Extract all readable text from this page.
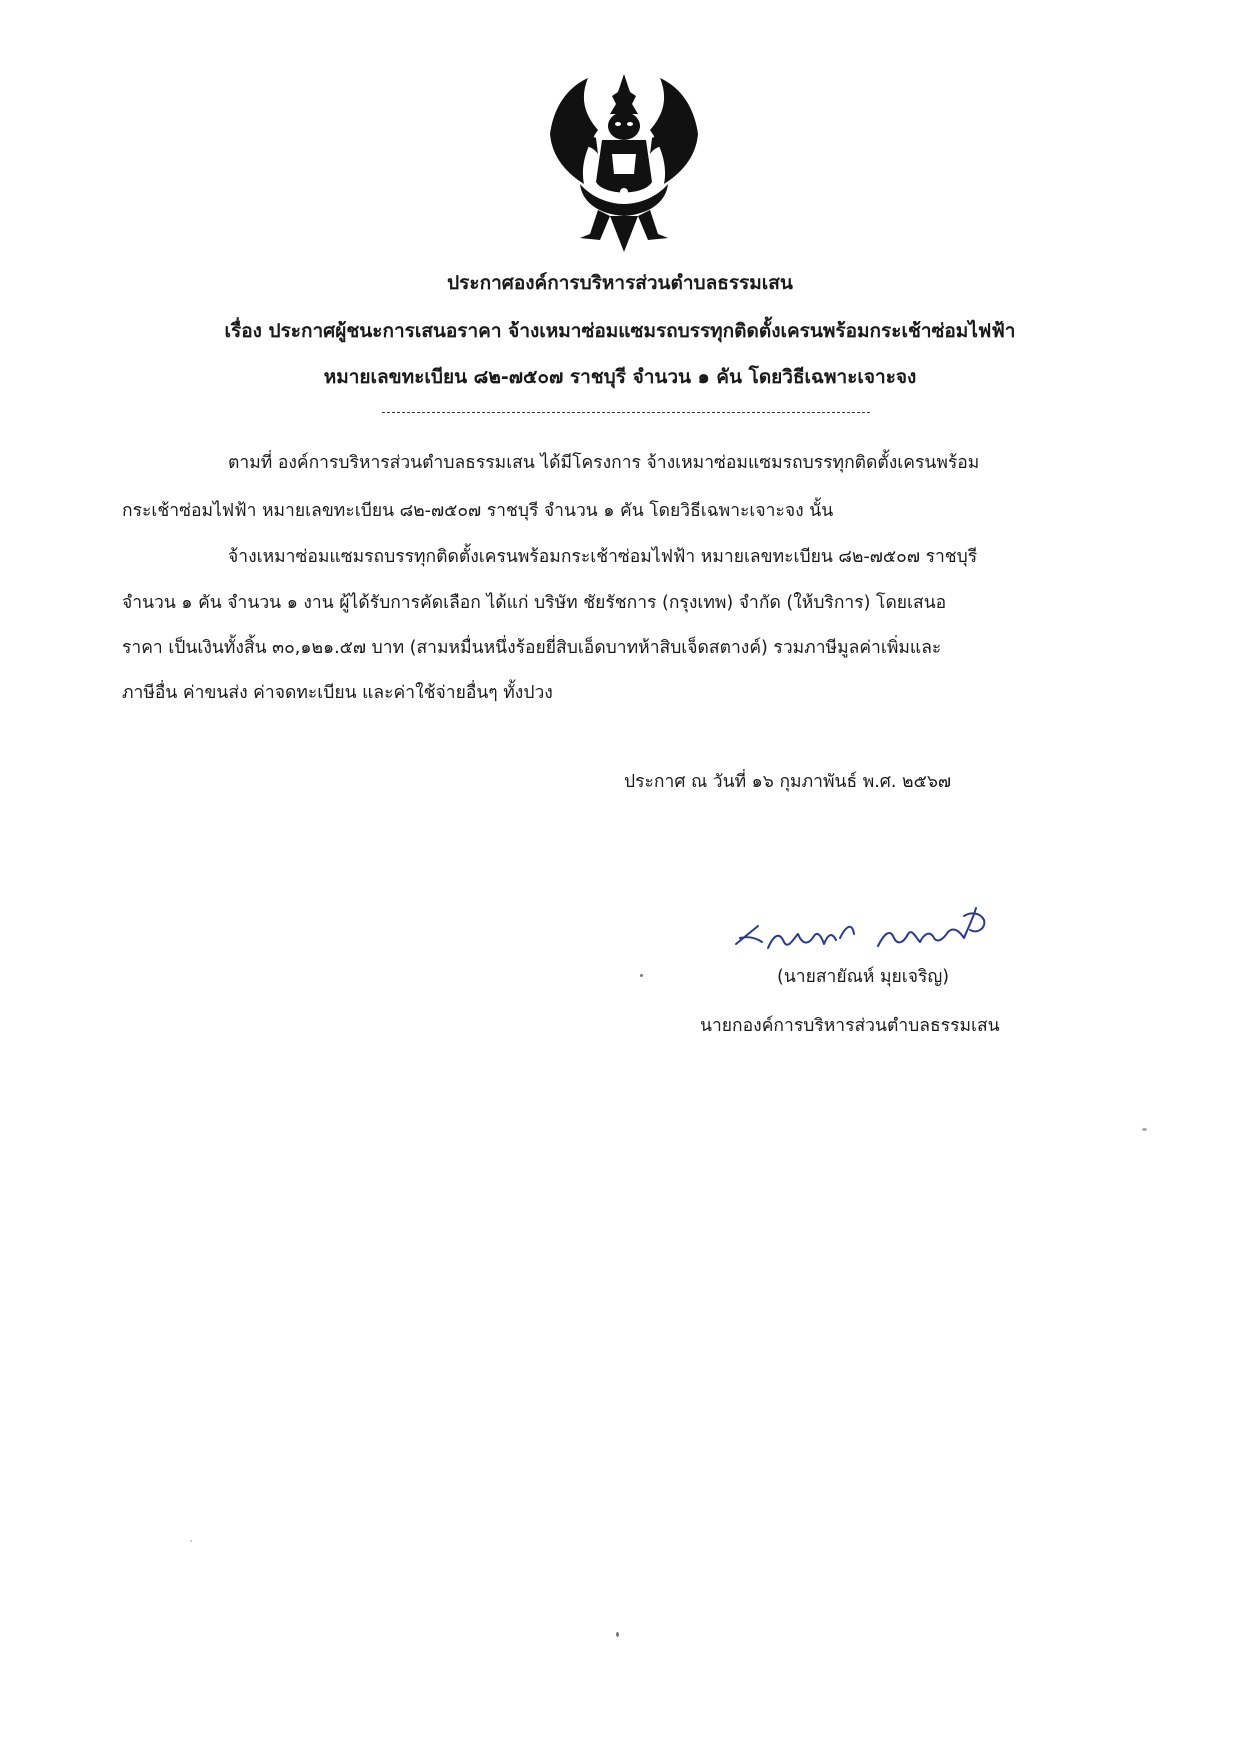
ประกาศองค์การบริหารส่วนตำบลธรรมเสน
เรื่อง ประกาศผู้ชนะการเสนอราคา จ้างเหมาซ่อมแซมรถบรรทุกติดตั้งเครนพร้อมกระเช้าซ่อมไฟฟ้า
หมายเลขทะเบียน ๘๒-๗๕๐๗ ราชบุรี จำนวน ๑ คัน โดยวิธีเฉพาะเจาะจง
ตามที่ องค์การบริหารส่วนตำบลธรรมเสน ได้มีโครงการ จ้างเหมาซ่อมแซมรถบรรทุกติดตั้งเครนพร้อม
กระเช้าซ่อมไฟฟ้า หมายเลขทะเบียน ๘๒-๗๕๐๗ ราชบุรี จำนวน ๑ คัน โดยวิธีเฉพาะเจาะจง นั้น
จ้างเหมาซ่อมแซมรถบรรทุกติดตั้งเครนพร้อมกระเช้าซ่อมไฟฟ้า หมายเลขทะเบียน ๘๒-๗๕๐๗ ราชบุรี
จำนวน ๑ คัน จำนวน ๑ งาน ผู้ได้รับการคัดเลือก ได้แก่ บริษัท ชัยรัชการ (กรุงเทพ) จำกัด (ให้บริการ) โดยเสนอ
ราคา เป็นเงินทั้งสิ้น ๓๐,๑๒๑.๕๗ บาท (สามหมื่นหนึ่งร้อยยี่สิบเอ็ดบาทห้าสิบเจ็ดสตางค์) รวมภาษีมูลค่าเพิ่มและ
ภาษีอื่น ค่าขนส่ง ค่าจดทะเบียน และค่าใช้จ่ายอื่นๆ ทั้งปวง
ประกาศ ณ วันที่ ๑๖ กุมภาพันธ์ พ.ศ. ๒๕๖๗
(นายสายัณห์ มุยเจริญ)
นายกองค์การบริหารส่วนตำบลธรรมเสน
